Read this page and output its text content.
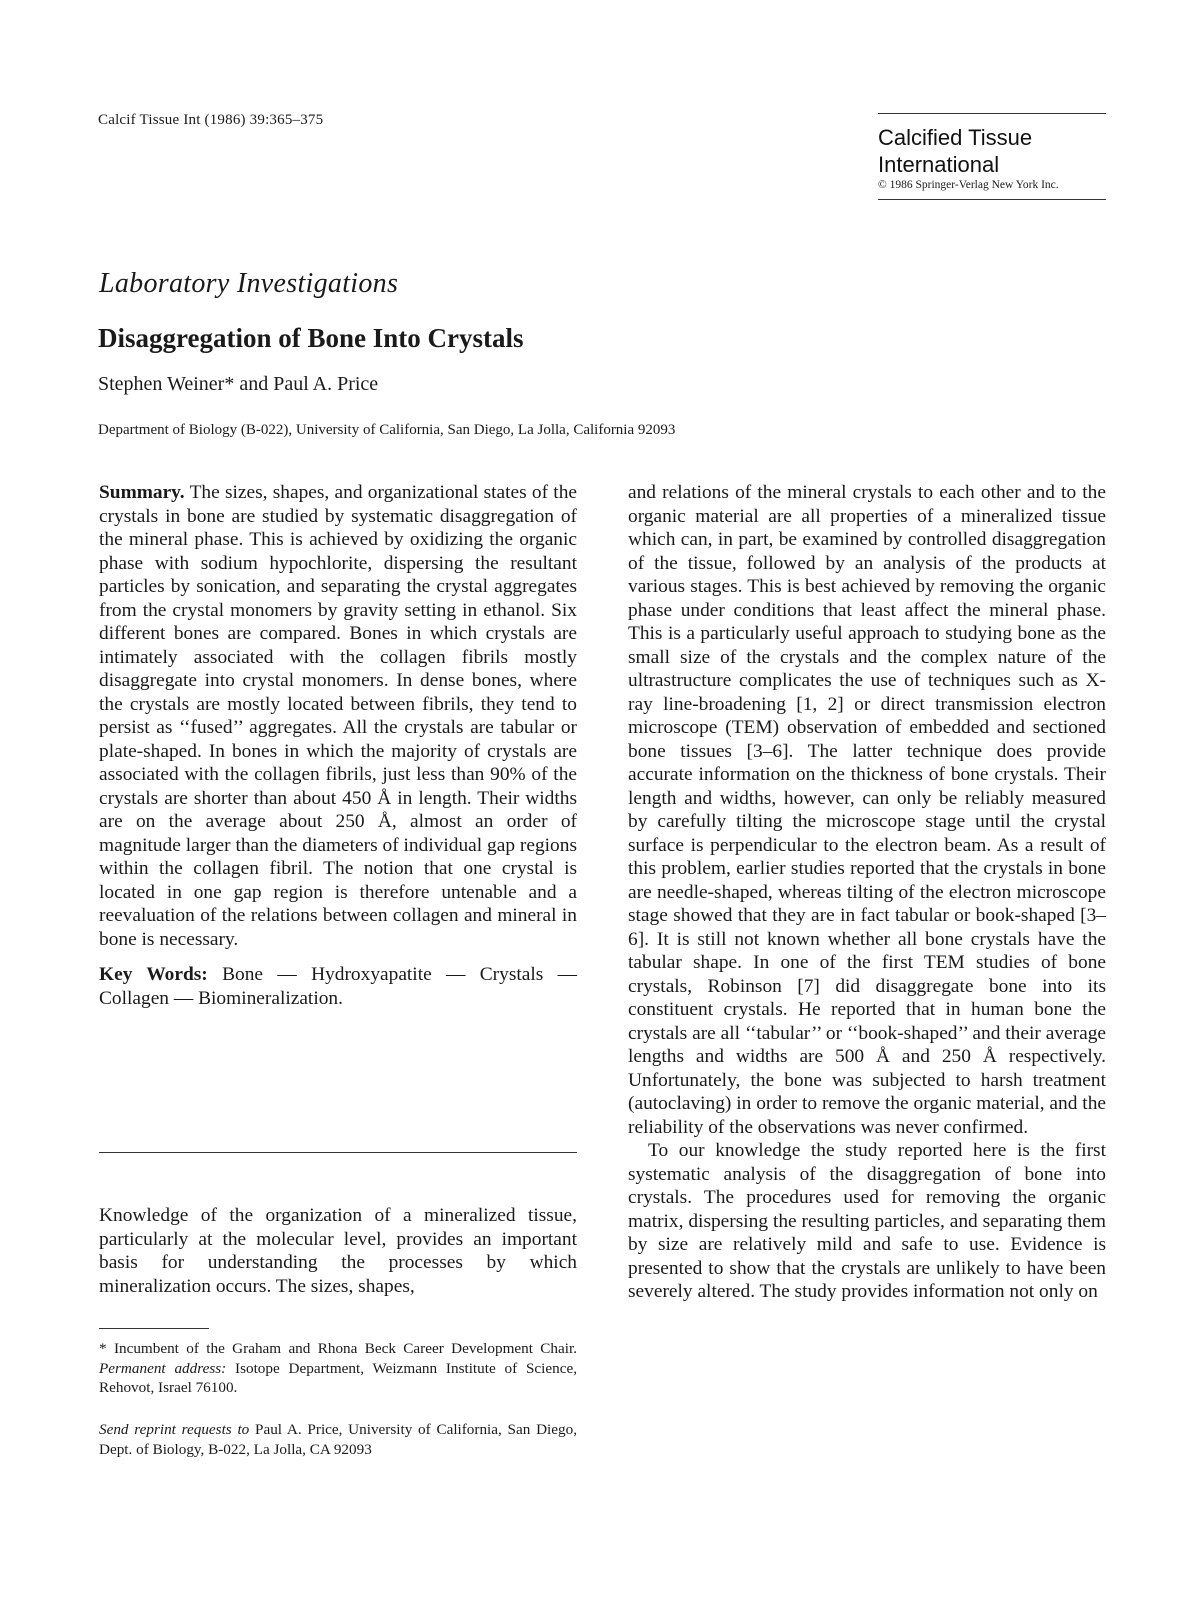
Calcif Tissue Int (1986) 39:365–375
Calcified Tissue
International
© 1986 Springer-Verlag New York Inc.
Laboratory Investigations
Disaggregation of Bone Into Crystals
Stephen Weiner* and Paul A. Price
Department of Biology (B-022), University of California, San Diego, La Jolla, California 92093

Summary. The sizes, shapes, and organizational states of the crystals in bone are studied by systematic disaggregation of the mineral phase. This is achieved by oxidizing the organic phase with sodium hypochlorite, dispersing the resultant particles by sonication, and separating the crystal aggregates from the crystal monomers by gravity setting in ethanol. Six different bones are compared. Bones in which crystals are intimately associated with the collagen fibrils mostly disaggregate into crystal monomers. In dense bones, where the crystals are mostly located between fibrils, they tend to persist as ‘‘fused’’ aggregates. All the crystals are tabular or plate-shaped. In bones in which the majority of crystals are associated with the collagen fibrils, just less than 90% of the crystals are shorter than about 450 Å in length. Their widths are on the average about 250 Å, almost an order of magnitude larger than the diameters of individual gap regions within the collagen fibril. The notion that one crystal is located in one gap region is therefore untenable and a reevaluation of the relations between collagen and mineral in bone is necessary.

Key Words: Bone — Hydroxyapatite — Crystals — Collagen — Biomineralization.

Knowledge of the organization of a mineralized tissue, particularly at the molecular level, provides an important basis for understanding the processes by which mineralization occurs. The sizes, shapes,

* Incumbent of the Graham and Rhona Beck Career Development Chair. Permanent address: Isotope Department, Weizmann Institute of Science, Rehovot, Israel 76100.
Send reprint requests to Paul A. Price, University of California, San Diego, Dept. of Biology, B-022, La Jolla, CA 92093

and relations of the mineral crystals to each other and to the organic material are all properties of a mineralized tissue which can, in part, be examined by controlled disaggregation of the tissue, followed by an analysis of the products at various stages. This is best achieved by removing the organic phase under conditions that least affect the mineral phase. This is a particularly useful approach to studying bone as the small size of the crystals and the complex nature of the ultrastructure complicates the use of techniques such as X-ray line-broadening [1, 2] or direct transmission electron microscope (TEM) observation of embedded and sectioned bone tissues [3–6]. The latter technique does provide accurate information on the thickness of bone crystals. Their length and widths, however, can only be reliably measured by carefully tilting the microscope stage until the crystal surface is perpendicular to the electron beam. As a result of this problem, earlier studies reported that the crystals in bone are needle-shaped, whereas tilting of the electron microscope stage showed that they are in fact tabular or book-shaped [3–6]. It is still not known whether all bone crystals have the tabular shape. In one of the first TEM studies of bone crystals, Robinson [7] did disaggregate bone into its constituent crystals. He reported that in human bone the crystals are all ‘‘tabular’’ or ‘‘book-shaped’’ and their average lengths and widths are 500 Å and 250 Å respectively. Unfortunately, the bone was subjected to harsh treatment (autoclaving) in order to remove the organic material, and the reliability of the observations was never confirmed.

To our knowledge the study reported here is the first systematic analysis of the disaggregation of bone into crystals. The procedures used for removing the organic matrix, dispersing the resulting particles, and separating them by size are relatively mild and safe to use. Evidence is presented to show that the crystals are unlikely to have been severely altered. The study provides information not only on
